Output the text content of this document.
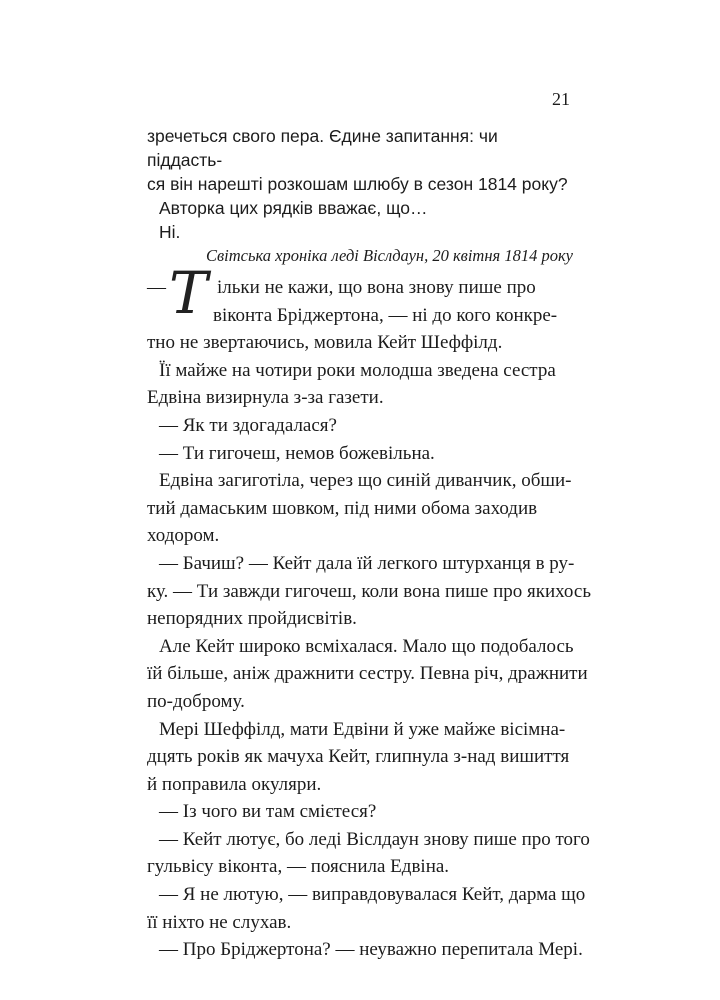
21

зречеться свого пера. Єдине запитання: чи піддасть-

ся він нарешті розкошам шлюбу в сезон 1814 року?

Авторка цих рядків вважає, що…

Ні.

Світська хроніка леді Віслдаун, 20 квітня 1814 року

— Т ільки не кажи, що вона знову пише про
віконта Бріджертона, — ні до кого конкре-

тно не звертаючись, мовила Кейт Шеффілд.

Її майже на чотири роки молодша зведена сестра

Едвіна визирнула з-за газети.

— Як ти здогадалася?

— Ти гигочеш, немов божевільна.

Едвіна загиготіла, через що синій диванчик, обши-

тий дамаським шовком, під ними обома заходив

ходором.

— Бачиш? — Кейт дала їй легкого штурханця в ру-

ку. — Ти завжди гигочеш, коли вона пише про якихось

непорядних пройдисвітів.

Але Кейт широко всміхалася. Мало що подобалось

їй більше, аніж дражнити сестру. Певна річ, дражнити

по-доброму.

Мері Шеффілд, мати Едвіни й уже майже вісімна-

дцять років як мачуха Кейт, глипнула з-над вишиття

й поправила окуляри.

— Із чого ви там смієтеся?

— Кейт лютує, бо леді Віслдаун знову пише про того

гульвісу віконта, — пояснила Едвіна.

— Я не лютую, — виправдовувалася Кейт, дарма що

її ніхто не слухав.

— Про Бріджертона? — неуважно перепитала Мері.
